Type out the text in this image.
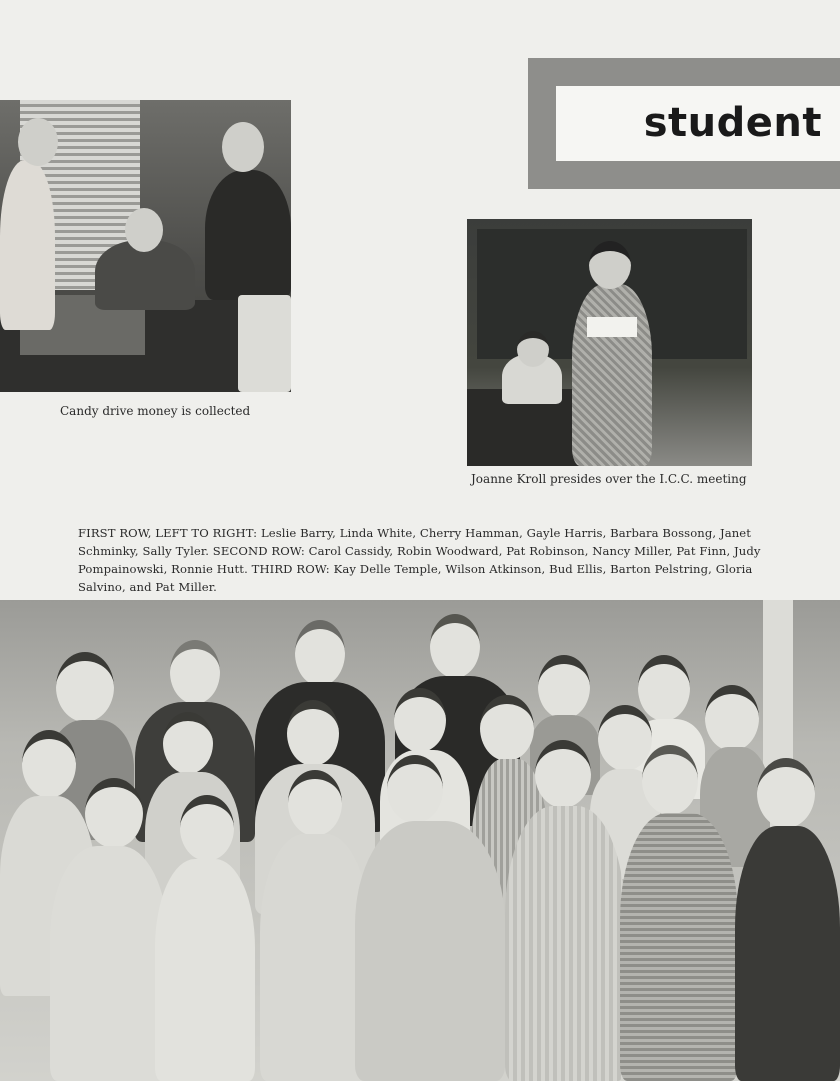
student
Candy drive money is collected
Joanne Kroll presides over the I.C.C. meeting
FIRST ROW, LEFT TO RIGHT: Leslie Barry, Linda White, Cherry Hamman, Gayle Harris, Barbara Bossong, Janet
Schminky, Sally Tyler. SECOND ROW: Carol Cassidy, Robin Woodward, Pat Robinson, Nancy Miller, Pat Finn, Judy
Pompainowski, Ronnie Hutt. THIRD ROW: Kay Delle Temple, Wilson Atkinson, Bud Ellis, Barton Pelstring, Gloria
Salvino, and Pat Miller.
